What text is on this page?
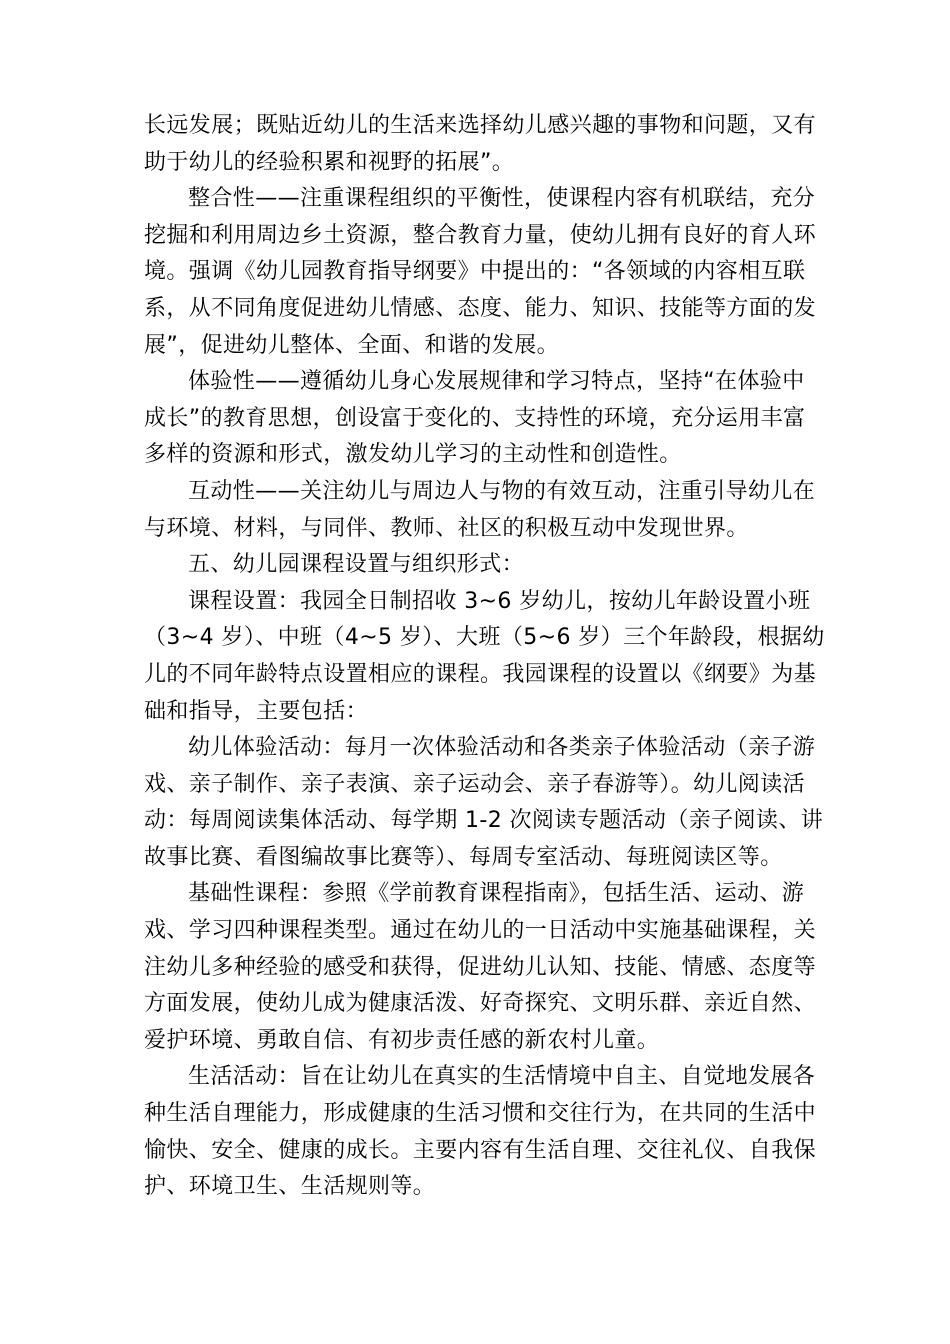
长远发展；既贴近幼儿的生活来选择幼儿感兴趣的事物和问题，又有
助于幼儿的经验积累和视野的拓展”。

整合性——注重课程组织的平衡性，使课程内容有机联结，充分
挖掘和利用周边乡土资源，整合教育力量，使幼儿拥有良好的育人环
境。强调《幼儿园教育指导纲要》中提出的：“各领域的内容相互联
系，从不同角度促进幼儿情感、态度、能力、知识、技能等方面的发
展”，促进幼儿整体、全面、和谐的发展。

体验性——遵循幼儿身心发展规律和学习特点，坚持“在体验中
成长”的教育思想，创设富于变化的、支持性的环境，充分运用丰富
多样的资源和形式，激发幼儿学习的主动性和创造性。

互动性——关注幼儿与周边人与物的有效互动，注重引导幼儿在
与环境、材料，与同伴、教师、社区的积极互动中发现世界。

五、幼儿园课程设置与组织形式：

课程设置：我园全日制招收 3~6 岁幼儿，按幼儿年龄设置小班
（3~4 岁）、中班（4~5 岁）、大班（5~6 岁）三个年龄段，根据幼
儿的不同年龄特点设置相应的课程。我园课程的设置以《纲要》为基
础和指导，主要包括：

幼儿体验活动：每月一次体验活动和各类亲子体验活动（亲子游
戏、亲子制作、亲子表演、亲子运动会、亲子春游等）。幼儿阅读活
动：每周阅读集体活动、每学期 1-2 次阅读专题活动（亲子阅读、讲
故事比赛、看图编故事比赛等）、每周专室活动、每班阅读区等。

基础性课程：参照《学前教育课程指南》，包括生活、运动、游
戏、学习四种课程类型。通过在幼儿的一日活动中实施基础课程，关
注幼儿多种经验的感受和获得，促进幼儿认知、技能、情感、态度等
方面发展，使幼儿成为健康活泼、好奇探究、文明乐群、亲近自然、
爱护环境、勇敢自信、有初步责任感的新农村儿童。

生活活动：旨在让幼儿在真实的生活情境中自主、自觉地发展各
种生活自理能力，形成健康的生活习惯和交往行为，在共同的生活中
愉快、安全、健康的成长。主要内容有生活自理、交往礼仪、自我保
护、环境卫生、生活规则等。
